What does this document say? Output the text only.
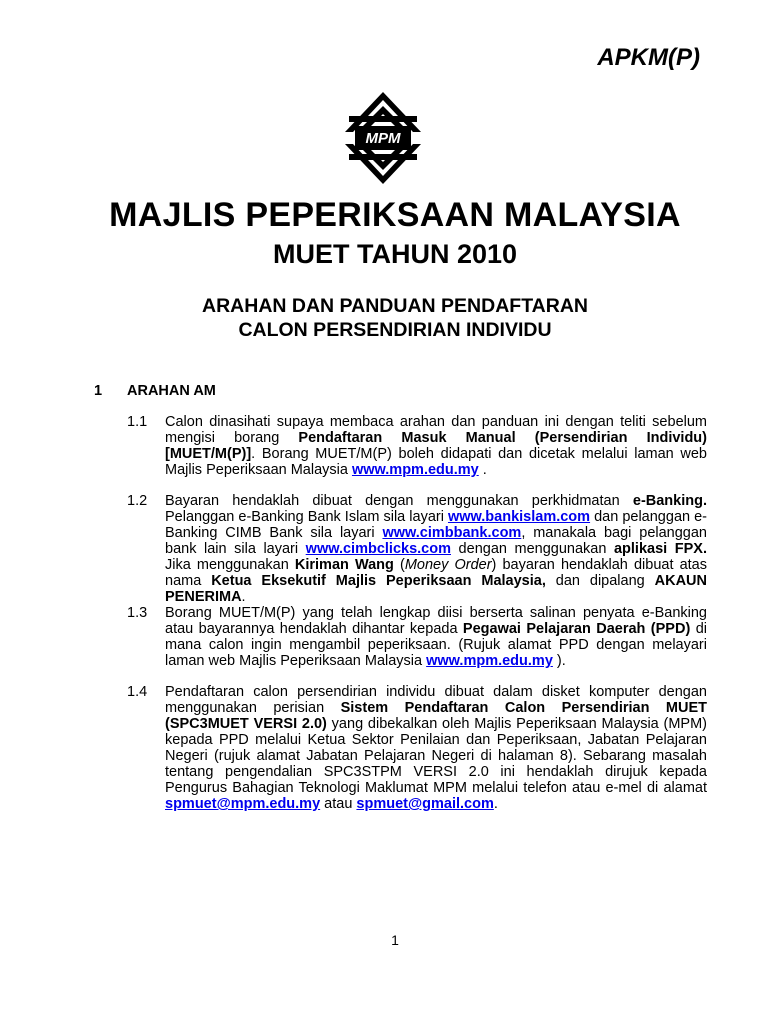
APKM(P)
MPM
MAJLIS PEPERIKSAAN MALAYSIA
MUET TAHUN 2010
ARAHAN DAN PANDUAN PENDAFTARAN
CALON PERSENDIRIAN INDIVIDU
1 ARAHAN AM
1.1 Calon dinasihati supaya membaca arahan dan panduan ini dengan teliti sebelum mengisi borang Pendaftaran Masuk Manual (Persendirian Individu) [MUET/M(P)]. Borang MUET/M(P) boleh didapati dan dicetak melalui laman web Majlis Peperiksaan Malaysia www.mpm.edu.my .
1.2 Bayaran hendaklah dibuat dengan menggunakan perkhidmatan e-Banking. Pelanggan e-Banking Bank Islam sila layari www.bankislam.com dan pelanggan e-Banking CIMB Bank sila layari www.cimbbank.com, manakala bagi pelanggan bank lain sila layari www.cimbclicks.com dengan menggunakan aplikasi FPX. Jika menggunakan Kiriman Wang (Money Order) bayaran hendaklah dibuat atas nama Ketua Eksekutif Majlis Peperiksaan Malaysia, dan dipalang AKAUN PENERIMA.
1.3 Borang MUET/M(P) yang telah lengkap diisi berserta salinan penyata e-Banking atau bayarannya hendaklah dihantar kepada Pegawai Pelajaran Daerah (PPD) di mana calon ingin mengambil peperiksaan. (Rujuk alamat PPD dengan melayari laman web Majlis Peperiksaan Malaysia www.mpm.edu.my ).
1.4 Pendaftaran calon persendirian individu dibuat dalam disket komputer dengan menggunakan perisian Sistem Pendaftaran Calon Persendirian MUET (SPC3MUET VERSI 2.0) yang dibekalkan oleh Majlis Peperiksaan Malaysia (MPM) kepada PPD melalui Ketua Sektor Penilaian dan Peperiksaan, Jabatan Pelajaran Negeri (rujuk alamat Jabatan Pelajaran Negeri di halaman 8). Sebarang masalah tentang pengendalian SPC3STPM VERSI 2.0 ini hendaklah dirujuk kepada Pengurus Bahagian Teknologi Maklumat MPM melalui telefon atau e-mel di alamat spmuet@mpm.edu.my atau spmuet@gmail.com.
1
